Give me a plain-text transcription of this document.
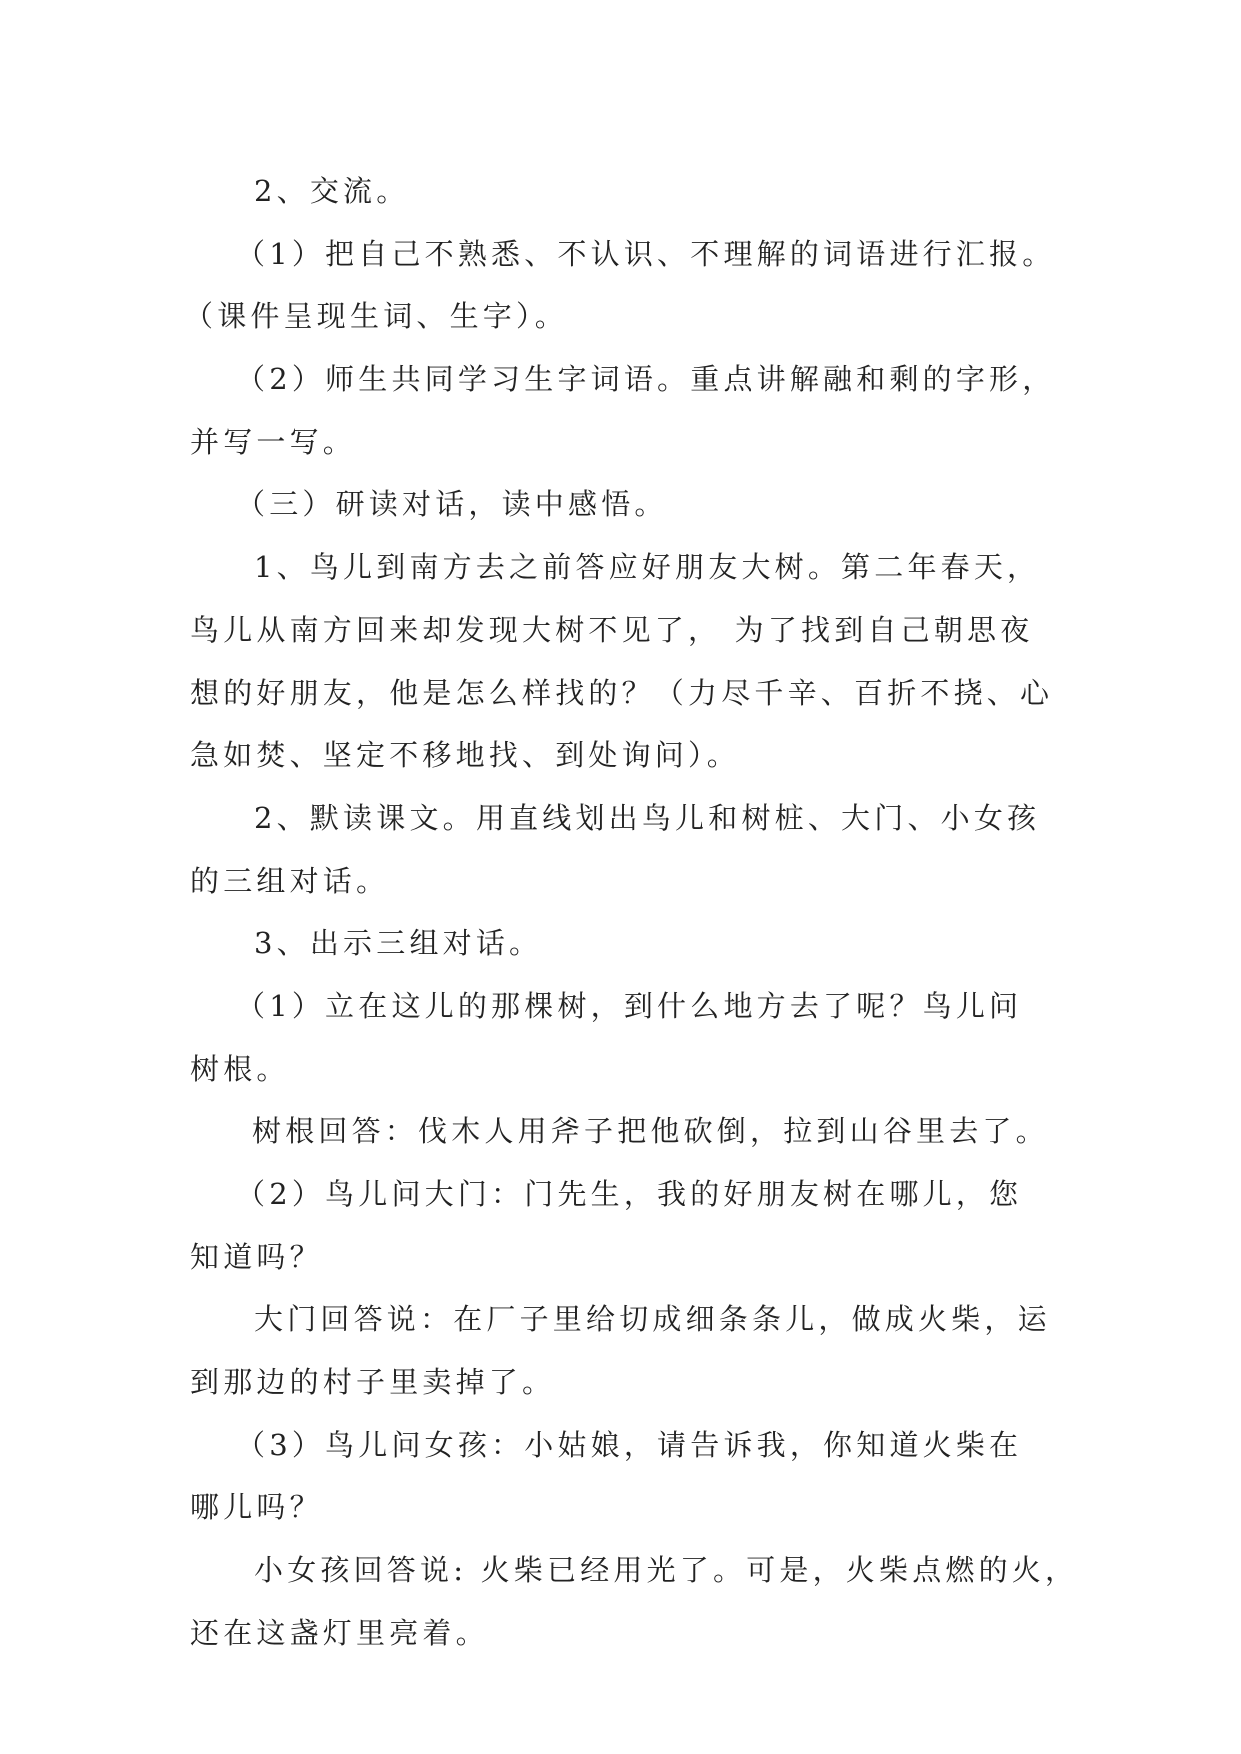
2、交流。
（1）把自己不熟悉、不认识、不理解的词语进行汇报。
（课件呈现生词、生字）。
（2）师生共同学习生字词语。重点讲解融和剩的字形，
并写一写。
（三）研读对话，读中感悟。
1、鸟儿到南方去之前答应好朋友大树。第二年春天，
鸟儿从南方回来却发现大树不见了， 为了找到自己朝思夜
想的好朋友，他是怎么样找的？（力尽千辛、百折不挠、心
急如焚、坚定不移地找、到处询问）。
2、默读课文。用直线划出鸟儿和树桩、大门、小女孩
的三组对话。
3、出示三组对话。
（1）立在这儿的那棵树，到什么地方去了呢？鸟儿问
树根。
树根回答：伐木人用斧子把他砍倒，拉到山谷里去了。
（2）鸟儿问大门：门先生，我的好朋友树在哪儿，您
知道吗？
大门回答说：在厂子里给切成细条条儿，做成火柴，运
到那边的村子里卖掉了。
（3）鸟儿问女孩：小姑娘，请告诉我，你知道火柴在
哪儿吗？
小女孩回答说: 火柴已经用光了。可是，火柴点燃的火，
还在这盏灯里亮着。
